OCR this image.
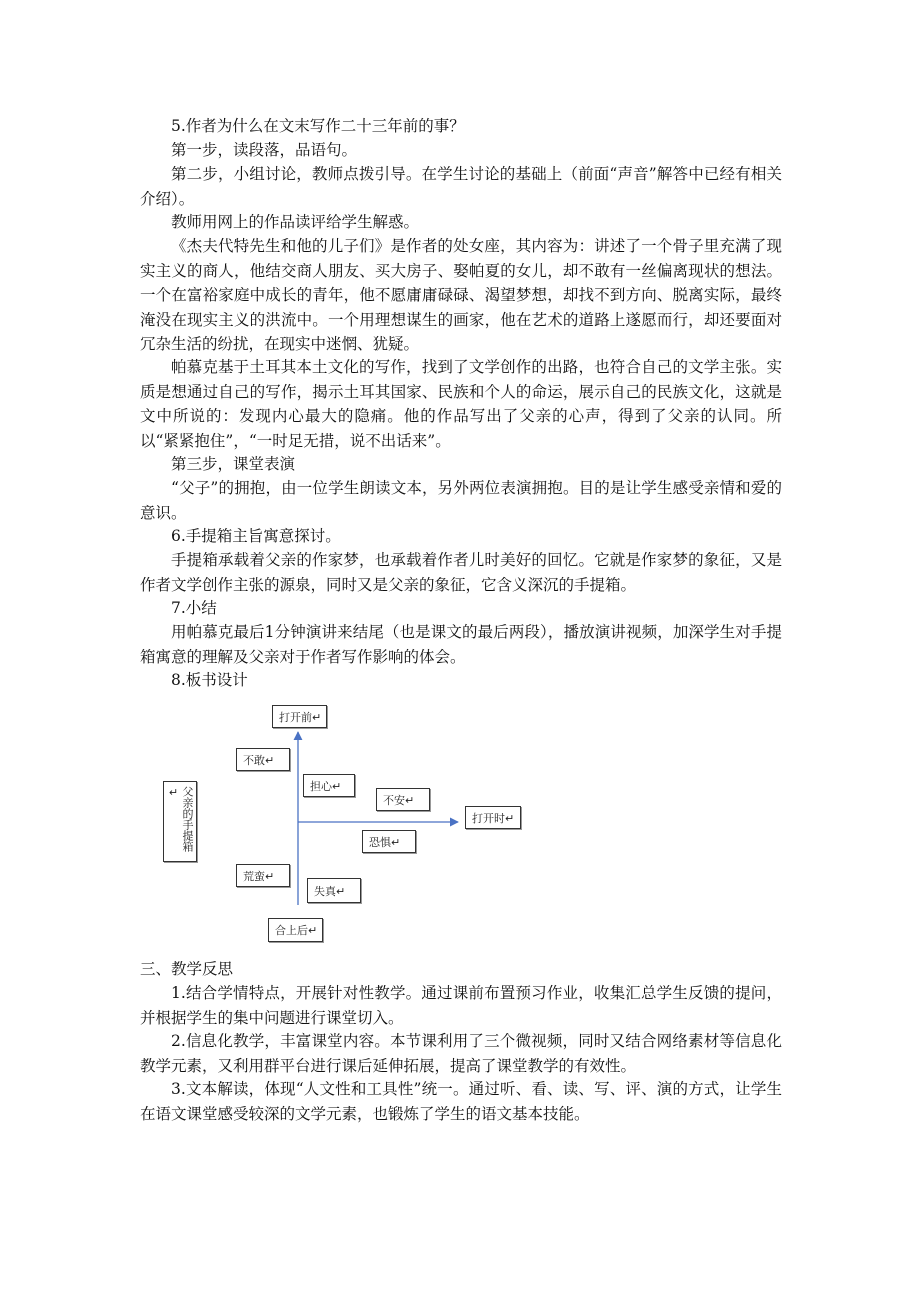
5.作者为什么在文末写作二十三年前的事？

第一步，读段落，品语句。

第二步，小组讨论，教师点拨引导。在学生讨论的基础上（前面“声音”解答中已经有相关介绍）。

教师用网上的作品读评给学生解惑。

《杰夫代特先生和他的儿子们》是作者的处女座，其内容为：讲述了一个骨子里充满了现实主义的商人，他结交商人朋友、买大房子、娶帕夏的女儿，却不敢有一丝偏离现状的想法。一个在富裕家庭中成长的青年，他不愿庸庸碌碌、渴望梦想，却找不到方向、脱离实际，最终淹没在现实主义的洪流中。一个用理想谋生的画家，他在艺术的道路上遂愿而行，却还要面对冗杂生活的纷扰，在现实中迷惘、犹疑。

帕慕克基于土耳其本土文化的写作，找到了文学创作的出路，也符合自己的文学主张。实质是想通过自己的写作，揭示土耳其国家、民族和个人的命运，展示自己的民族文化，这就是文中所说的：发现内心最大的隐痛。他的作品写出了父亲的心声，得到了父亲的认同。所以“紧紧抱住”，“一时足无措，说不出话来”。

第三步，课堂表演

“父子”的拥抱，由一位学生朗读文本，另外两位表演拥抱。目的是让学生感受亲情和爱的意识。

6.手提箱主旨寓意探讨。

手提箱承载着父亲的作家梦，也承载着作者儿时美好的回忆。它就是作家梦的象征，又是作者文学创作主张的源泉，同时又是父亲的象征，它含义深沉的手提箱。

7.小结

用帕慕克最后1分钟演讲来结尾（也是课文的最后两段），播放演讲视频，加深学生对手提箱寓意的理解及父亲对于作者写作影响的体会。

8.板书设计

父亲的手提箱↵
打开前↵
不敢↵
担心↵
不安↵
打开时↵
恐惧↵
荒蛮↵
失真↵
合上后↵

三、教学反思

1.结合学情特点，开展针对性教学。通过课前布置预习作业，收集汇总学生反馈的提问，并根据学生的集中问题进行课堂切入。

2.信息化教学，丰富课堂内容。本节课利用了三个微视频，同时又结合网络素材等信息化教学元素，又利用群平台进行课后延伸拓展，提高了课堂教学的有效性。

3.文本解读，体现“人文性和工具性”统一。通过听、看、读、写、评、演的方式，让学生在语文课堂感受较深的文学元素，也锻炼了学生的语文基本技能。
